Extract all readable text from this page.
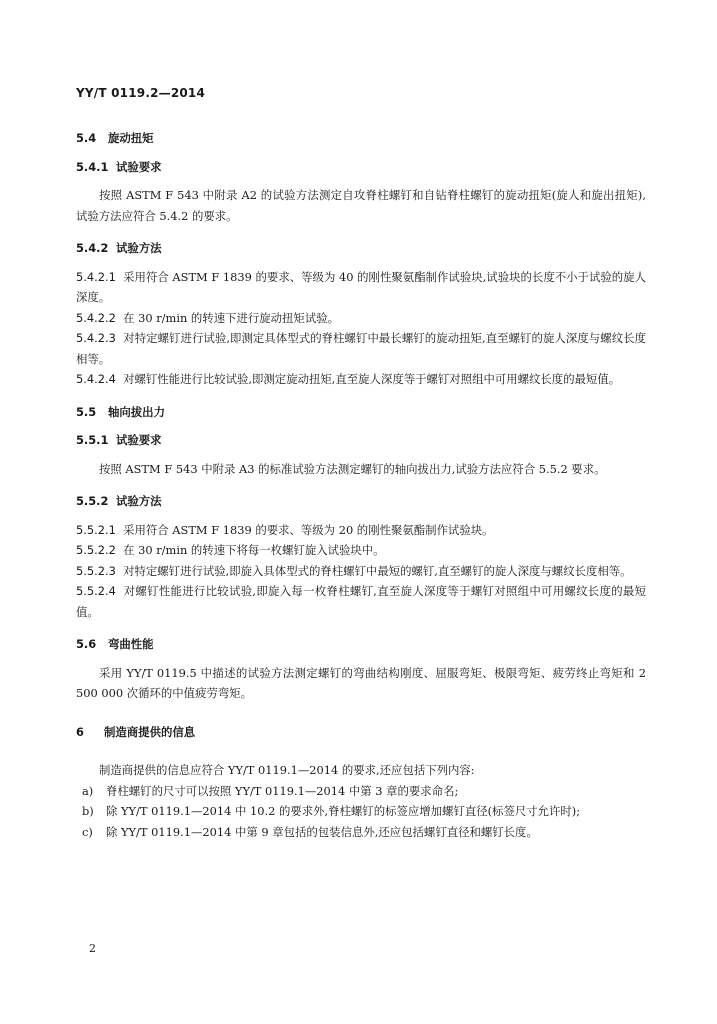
YY/T 0119.2—2014
5.4 旋动扭矩
5.4.1 试验要求

按照 ASTM F 543 中附录 A2 的试验方法测定自攻脊柱螺钉和自钻脊柱螺钉的旋动扭矩(旋人和旋出扭矩),试验方法应符合 5.4.2 的要求。

5.4.2 试验方法

5.4.2.1 采用符合 ASTM F 1839 的要求、等级为 40 的刚性聚氨酯制作试验块,试验块的长度不小于试验的旋人深度。

5.4.2.2 在 30 r/min 的转速下进行旋动扭矩试验。

5.4.2.3 对特定螺钉进行试验,即测定具体型式的脊柱螺钉中最长螺钉的旋动扭矩,直至螺钉的旋人深度与螺纹长度相等。

5.4.2.4 对螺钉性能进行比较试验,即测定旋动扭矩,直至旋人深度等于螺钉对照组中可用螺纹长度的最短值。

5.5 轴向拔出力
5.5.1 试验要求

按照 ASTM F 543 中附录 A3 的标准试验方法测定螺钉的轴向拔出力,试验方法应符合 5.5.2 要求。

5.5.2 试验方法

5.5.2.1 采用符合 ASTM F 1839 的要求、等级为 20 的刚性聚氨酯制作试验块。

5.5.2.2 在 30 r/min 的转速下将每一枚螺钉旋入试验块中。

5.5.2.3 对特定螺钉进行试验,即旋入具体型式的脊柱螺钉中最短的螺钉,直至螺钉的旋人深度与螺纹长度相等。

5.5.2.4 对螺钉性能进行比较试验,即旋入每一枚脊柱螺钉,直至旋人深度等于螺钉对照组中可用螺纹长度的最短值。

5.6 弯曲性能

采用 YY/T 0119.5 中描述的试验方法测定螺钉的弯曲结构刚度、屈服弯矩、极限弯矩、疲劳终止弯矩和 2 500 000 次循环的中值疲劳弯矩。

6 制造商提供的信息

制造商提供的信息应符合 YY/T 0119.1—2014 的要求,还应包括下列内容:

a)	脊柱螺钉的尺寸可以按照 YY/T 0119.1—2014 中第 3 章的要求命名;
b)	除 YY/T 0119.1—2014 中 10.2 的要求外,脊柱螺钉的标签应增加螺钉直径(标签尺寸允许时);
c)	除 YY/T 0119.1—2014 中第 9 章包括的包装信息外,还应包括螺钉直径和螺钉长度。
2
